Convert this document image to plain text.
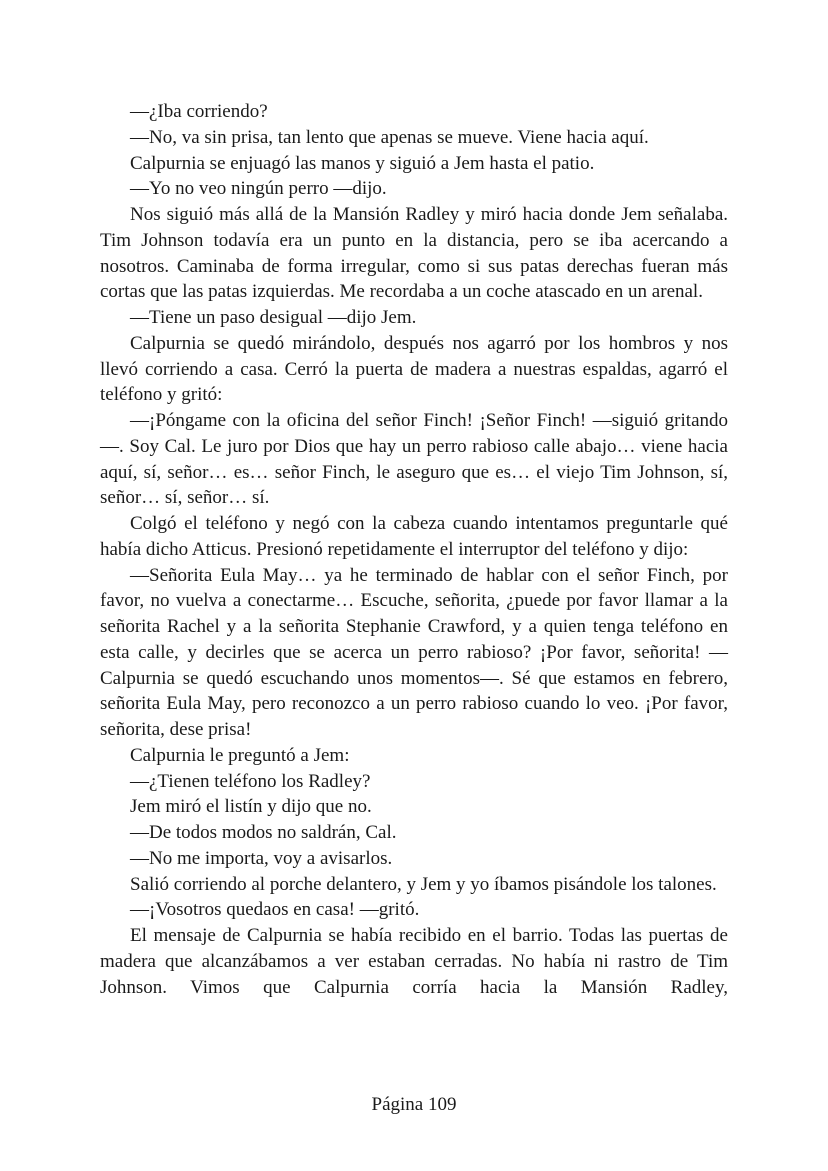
—¿Iba corriendo?

—No, va sin prisa, tan lento que apenas se mueve. Viene hacia aquí.

Calpurnia se enjuagó las manos y siguió a Jem hasta el patio.

—Yo no veo ningún perro —dijo.

Nos siguió más allá de la Mansión Radley y miró hacia donde Jem señalaba. Tim Johnson todavía era un punto en la distancia, pero se iba acercando a nosotros. Caminaba de forma irregular, como si sus patas derechas fueran más cortas que las patas izquierdas. Me recordaba a un coche atascado en un arenal.

—Tiene un paso desigual —dijo Jem.

Calpurnia se quedó mirándolo, después nos agarró por los hombros y nos llevó corriendo a casa. Cerró la puerta de madera a nuestras espaldas, agarró el teléfono y gritó:

—¡Póngame con la oficina del señor Finch! ¡Señor Finch! —siguió gritando—. Soy Cal. Le juro por Dios que hay un perro rabioso calle abajo… viene hacia aquí, sí, señor… es… señor Finch, le aseguro que es… el viejo Tim Johnson, sí, señor… sí, señor… sí.

Colgó el teléfono y negó con la cabeza cuando intentamos preguntarle qué había dicho Atticus. Presionó repetidamente el interruptor del teléfono y dijo:

—Señorita Eula May… ya he terminado de hablar con el señor Finch, por favor, no vuelva a conectarme… Escuche, señorita, ¿puede por favor llamar a la señorita Rachel y a la señorita Stephanie Crawford, y a quien tenga teléfono en esta calle, y decirles que se acerca un perro rabioso? ¡Por favor, señorita! —Calpurnia se quedó escuchando unos momentos—. Sé que estamos en febrero, señorita Eula May, pero reconozco a un perro rabioso cuando lo veo. ¡Por favor, señorita, dese prisa!

Calpurnia le preguntó a Jem:

—¿Tienen teléfono los Radley?

Jem miró el listín y dijo que no.

—De todos modos no saldrán, Cal.

—No me importa, voy a avisarlos.

Salió corriendo al porche delantero, y Jem y yo íbamos pisándole los talones.

—¡Vosotros quedaos en casa! —gritó.

El mensaje de Calpurnia se había recibido en el barrio. Todas las puertas de madera que alcanzábamos a ver estaban cerradas. No había ni rastro de Tim Johnson. Vimos que Calpurnia corría hacia la Mansión Radley,

Página 109
